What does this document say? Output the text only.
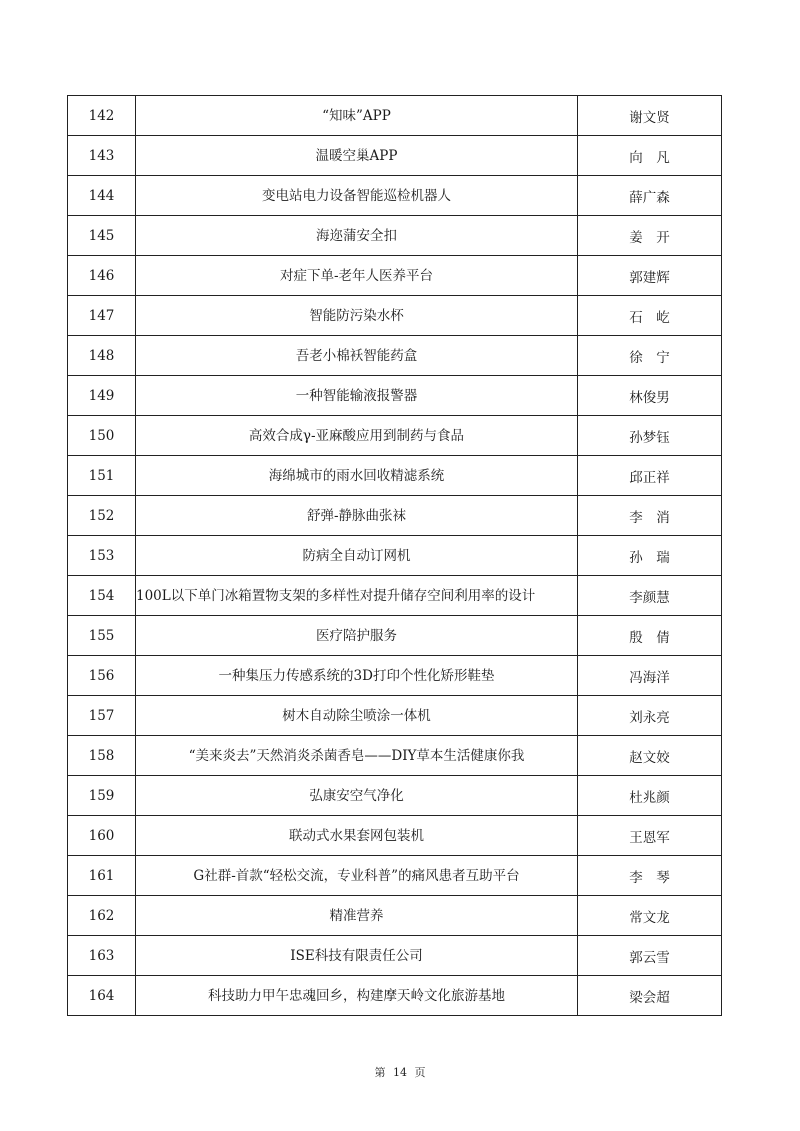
142	“知味”APP	谢文贤
143	温暖空巢APP	向　凡
144	变电站电力设备智能巡检机器人	薛广森
145	海迩蒲安全扣	姜　开
146	对症下单-老年人医养平台	郭建辉
147	智能防污染水杯	石　屹
148	吾老小棉袄智能药盒	徐　宁
149	一种智能输液报警器	林俊男
150	高效合成γ-亚麻酸应用到制药与食品	孙梦钰
151	海绵城市的雨水回收精滤系统	邱正祥
152	舒弹-静脉曲张袜	李　消
153	防病全自动订网机	孙　瑞
154	100L以下单门冰箱置物支架的多样性对提升储存空间利用率的设计	李颜慧
155	医疗陪护服务	殷　倩
156	一种集压力传感系统的3D打印个性化矫形鞋垫	冯海洋
157	树木自动除尘喷涂一体机	刘永亮
158	“美来炎去”天然消炎杀菌香皂——DIY草本生活健康你我	赵文姣
159	弘康安空气净化	杜兆颜
160	联动式水果套网包装机	王恩军
161	G社群-首款“轻松交流，专业科普”的痛风患者互助平台	李　琴
162	精准营养	常文龙
163	ISE科技有限责任公司	郭云雪
164	科技助力甲午忠魂回乡，构建摩天岭文化旅游基地	梁会超
第 14 页
